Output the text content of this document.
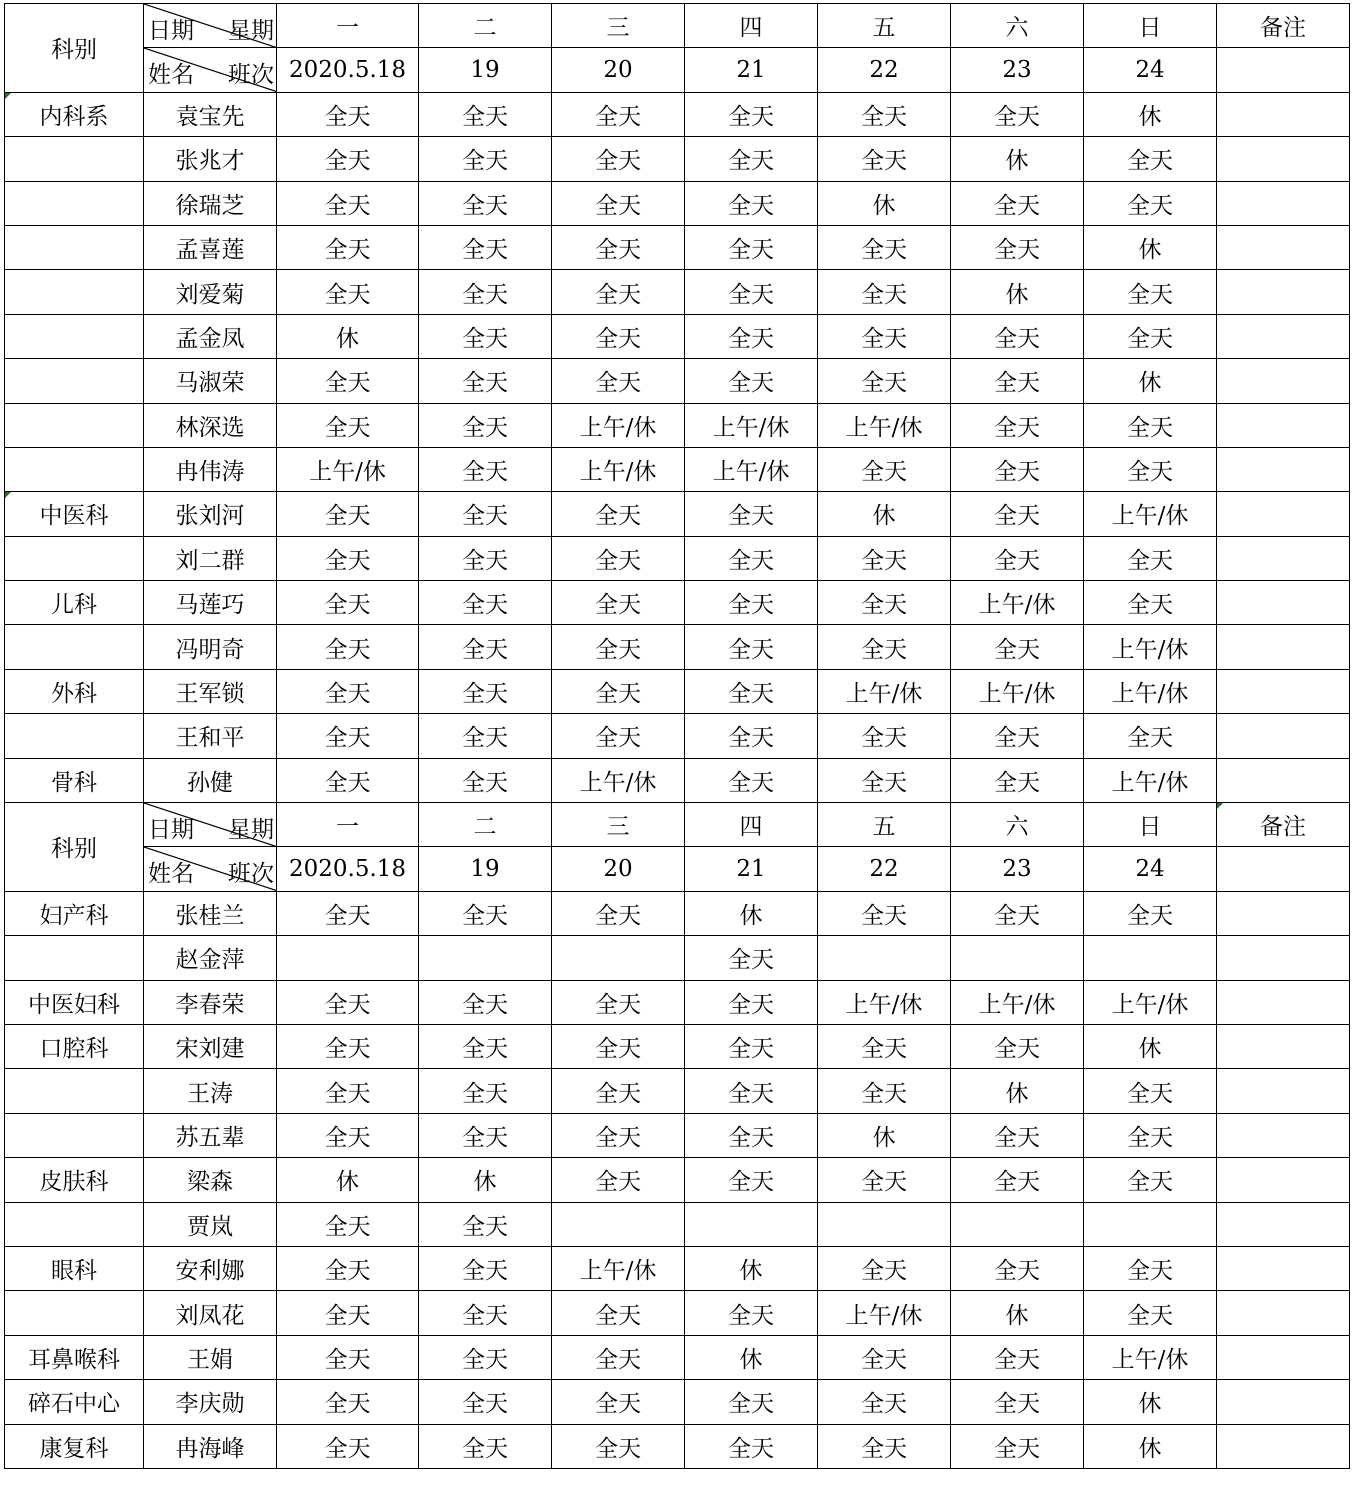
科别	日期 星期	一	二	三	四	五	六	日	备注

	姓名 班次	2020.5.18	19	20	21	22	23	24	
内科系	袁宝先	全天	全天	全天	全天	全天	全天	休	
	张兆才	全天	全天	全天	全天	全天	休	全天	
	徐瑞芝	全天	全天	全天	全天	休	全天	全天	
	孟喜莲	全天	全天	全天	全天	全天	全天	休	
	刘爱菊	全天	全天	全天	全天	全天	休	全天	
	孟金凤	休	全天	全天	全天	全天	全天	全天	
	马淑荣	全天	全天	全天	全天	全天	全天	休	
	林深选	全天	全天	上午/休	上午/休	上午/休	全天	全天	
	冉伟涛	上午/休	全天	上午/休	上午/休	全天	全天	全天	
中医科	张刘河	全天	全天	全天	全天	休	全天	上午/休	
	刘二群	全天	全天	全天	全天	全天	全天	全天	
儿科	马莲巧	全天	全天	全天	全天	全天	上午/休	全天	
	冯明奇	全天	全天	全天	全天	全天	全天	上午/休	
外科	王军锁	全天	全天	全天	全天	上午/休	上午/休	上午/休	
	王和平	全天	全天	全天	全天	全天	全天	全天	
骨科	孙健	全天	全天	上午/休	全天	全天	全天	上午/休	
科别	日期 星期	一	二	三	四	五	六	日	备注

	姓名 班次	2020.5.18	19	20	21	22	23	24	
妇产科	张桂兰	全天	全天	全天	休	全天	全天	全天	
	赵金萍				全天				
中医妇科	李春荣	全天	全天	全天	全天	上午/休	上午/休	上午/休	
口腔科	宋刘建	全天	全天	全天	全天	全天	全天	休	
	王涛	全天	全天	全天	全天	全天	休	全天	
	苏五辈	全天	全天	全天	全天	休	全天	全天	
皮肤科	梁森	休	休	全天	全天	全天	全天	全天	
	贾岚	全天	全天						
眼科	安利娜	全天	全天	上午/休	休	全天	全天	全天	
	刘凤花	全天	全天	全天	全天	上午/休	休	全天	
耳鼻喉科	王娟	全天	全天	全天	休	全天	全天	上午/休	
碎石中心	李庆勋	全天	全天	全天	全天	全天	全天	休	
康复科	冉海峰	全天	全天	全天	全天	全天	全天	休	
